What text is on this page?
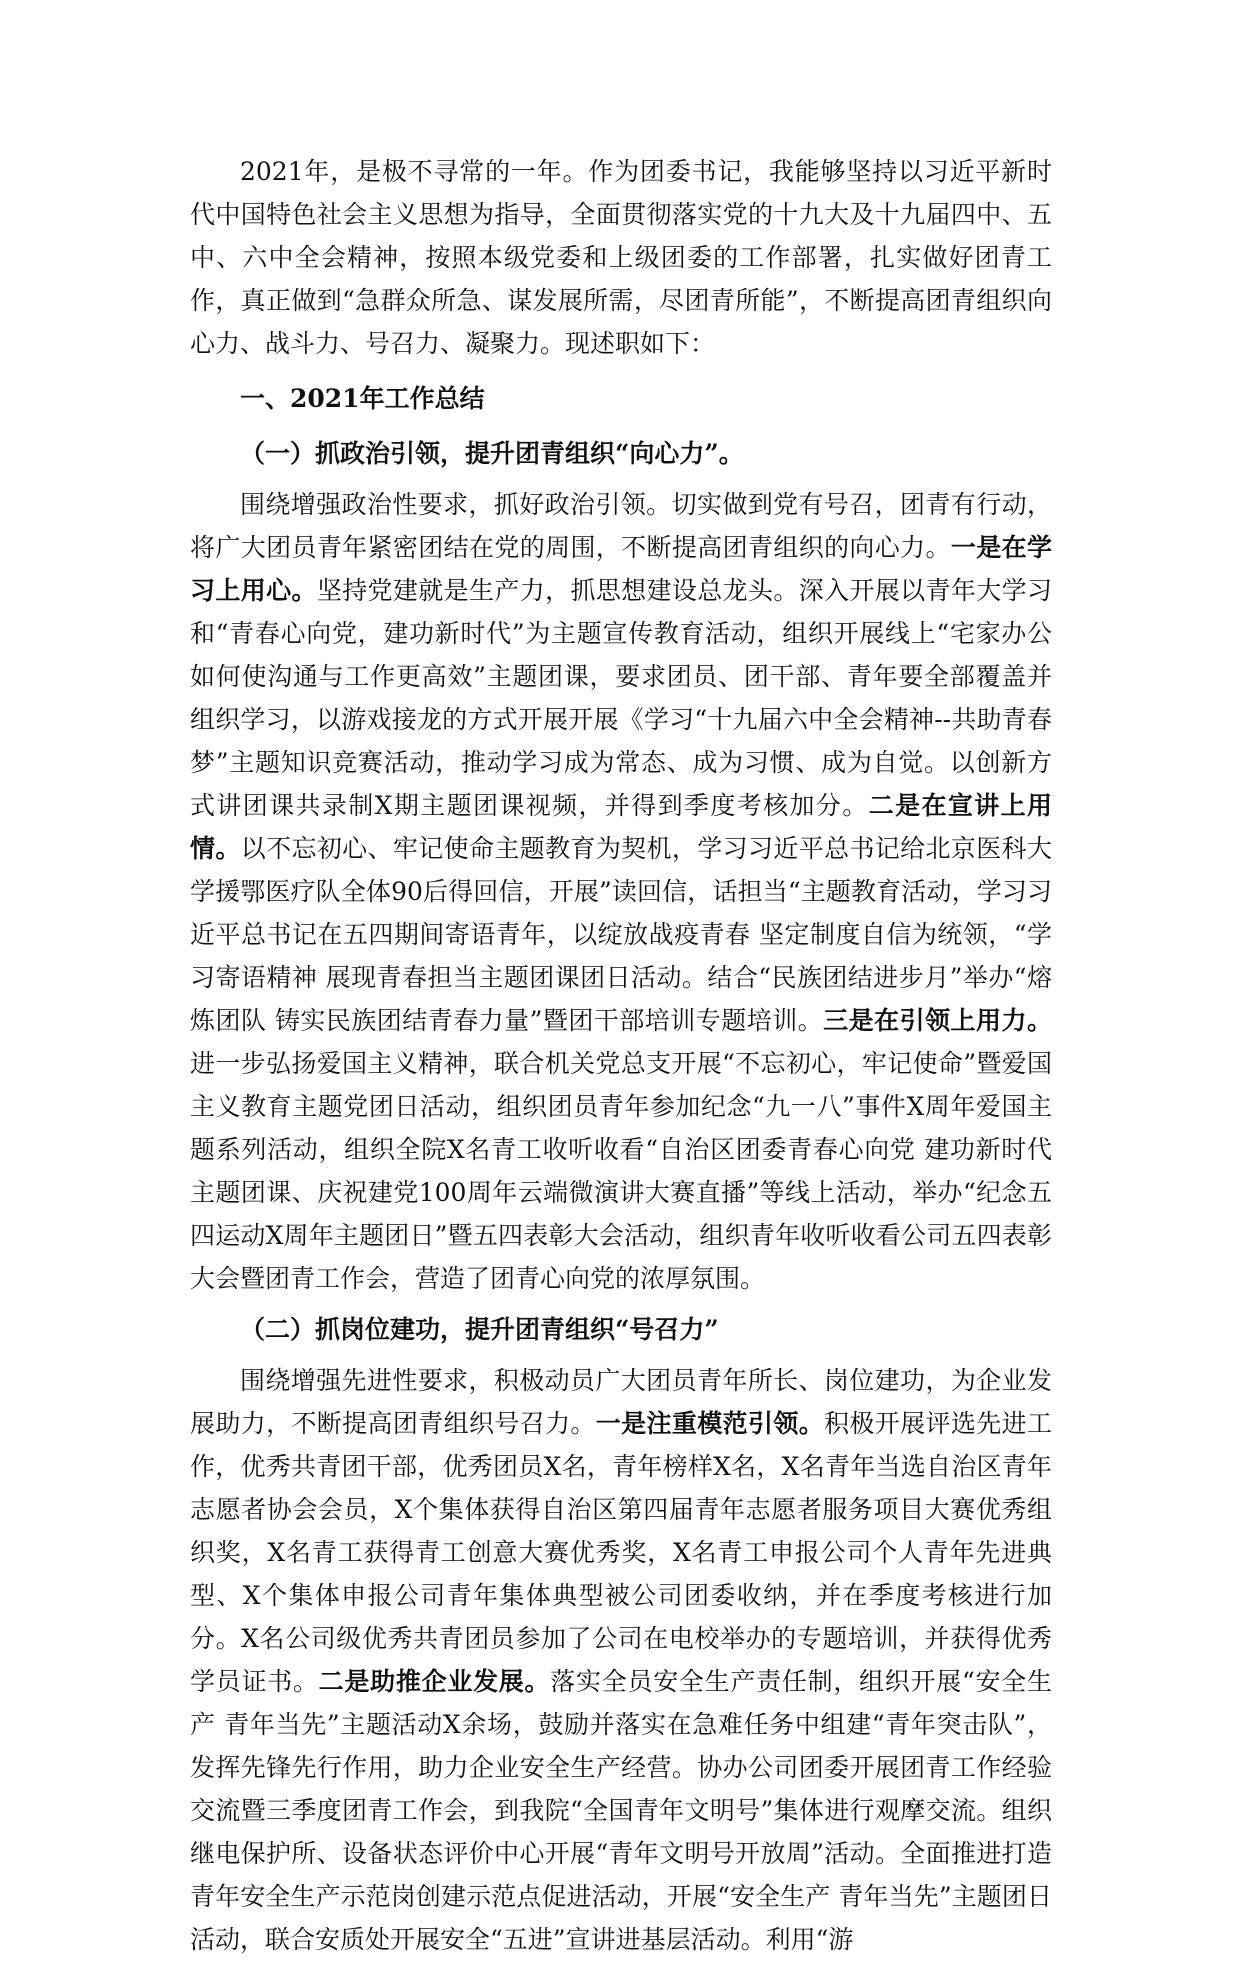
2021年，是极不寻常的一年。作为团委书记，我能够坚持以习近平新时代中国特色社会主义思想为指导，全面贯彻落实党的十九大及十九届四中、五中、六中全会精神，按照本级党委和上级团委的工作部署，扎实做好团青工作，真正做到“急群众所急、谋发展所需，尽团青所能”，不断提高团青组织向心力、战斗力、号召力、凝聚力。现述职如下：

一、2021年工作总结

（一）抓政治引领，提升团青组织“向心力”。

围绕增强政治性要求，抓好政治引领。切实做到党有号召，团青有行动，将广大团员青年紧密团结在党的周围，不断提高团青组织的向心力。一是在学习上用心。坚持党建就是生产力，抓思想建设总龙头。深入开展以青年大学习和“青春心向党，建功新时代”为主题宣传教育活动，组织开展线上“宅家办公如何使沟通与工作更高效”主题团课，要求团员、团干部、青年要全部覆盖并组织学习，以游戏接龙的方式开展开展《学习“十九届六中全会精神--共助青春梦”主题知识竞赛活动，推动学习成为常态、成为习惯、成为自觉。以创新方式讲团课共录制X期主题团课视频，并得到季度考核加分。二是在宣讲上用情。以不忘初心、牢记使命主题教育为契机，学习习近平总书记给北京医科大学援鄂医疗队全体90后得回信，开展”读回信，话担当“主题教育活动，学习习近平总书记在五四期间寄语青年，以绽放战疫青春 坚定制度自信为统领，“学习寄语精神 展现青春担当主题团课团日活动。结合“民族团结进步月”举办“熔炼团队 铸实民族团结青春力量”暨团干部培训专题培训。三是在引领上用力。进一步弘扬爱国主义精神，联合机关党总支开展“不忘初心，牢记使命”暨爱国主义教育主题党团日活动，组织团员青年参加纪念“九一八”事件X周年爱国主题系列活动，组织全院X名青工收听收看“自治区团委青春心向党 建功新时代主题团课、庆祝建党100周年云端微演讲大赛直播”等线上活动，举办“纪念五四运动X周年主题团日”暨五四表彰大会活动，组织青年收听收看公司五四表彰大会暨团青工作会，营造了团青心向党的浓厚氛围。

（二）抓岗位建功，提升团青组织“号召力”

围绕增强先进性要求，积极动员广大团员青年所长、岗位建功，为企业发展助力，不断提高团青组织号召力。一是注重模范引领。积极开展评选先进工作，优秀共青团干部，优秀团员X名，青年榜样X名，X名青年当选自治区青年志愿者协会会员，X个集体获得自治区第四届青年志愿者服务项目大赛优秀组织奖，X名青工获得青工创意大赛优秀奖，X名青工申报公司个人青年先进典型、X个集体申报公司青年集体典型被公司团委收纳，并在季度考核进行加分。X名公司级优秀共青团员参加了公司在电校举办的专题培训，并获得优秀学员证书。二是助推企业发展。落实全员安全生产责任制，组织开展“安全生产 青年当先”主题活动X余场，鼓励并落实在急难任务中组建“青年突击队”，发挥先锋先行作用，助力企业安全生产经营。协办公司团委开展团青工作经验交流暨三季度团青工作会，到我院“全国青年文明号”集体进行观摩交流。组织继电保护所、设备状态评价中心开展“青年文明号开放周”活动。全面推进打造青年安全生产示范岗创建示范点促进活动，开展“安全生产 青年当先”主题团日活动，联合安质处开展安全“五进”宣讲进基层活动。利用“游
